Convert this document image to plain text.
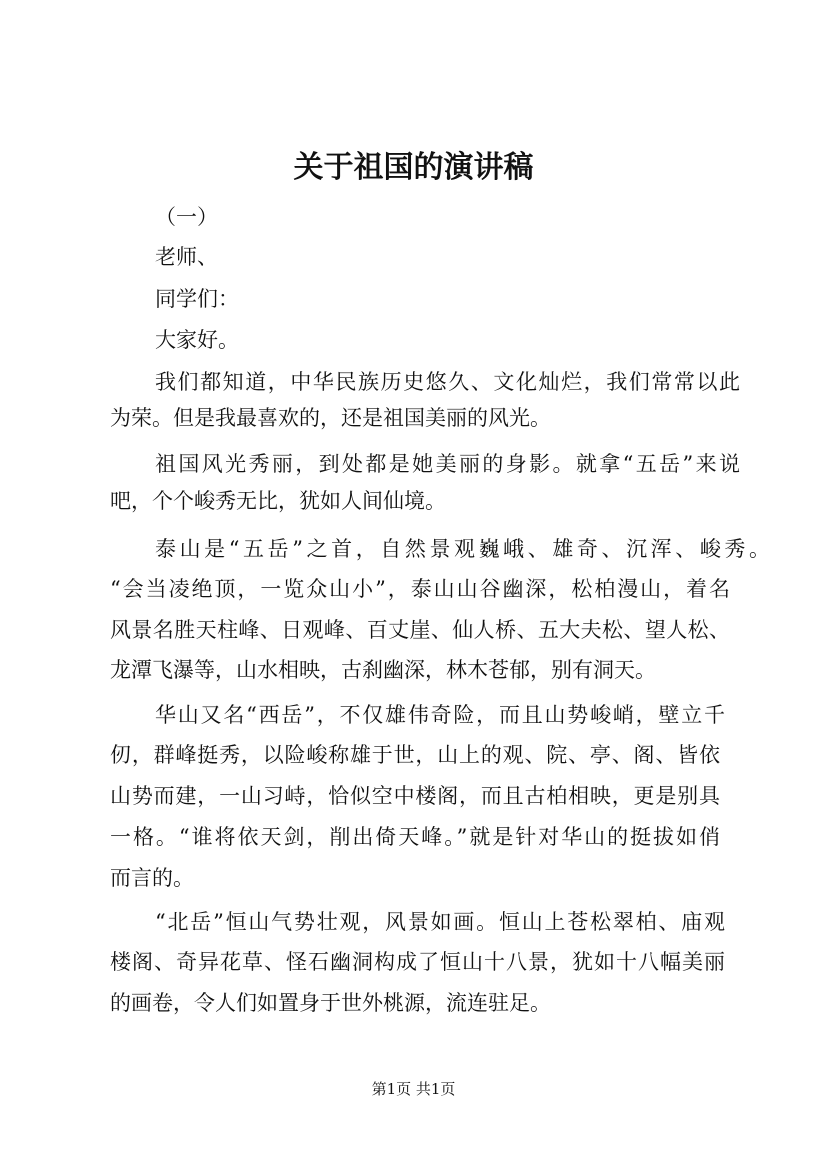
关于祖国的演讲稿
（一）
老师、
同学们：
大家好。
我们都知道，中华民族历史悠久、文化灿烂，我们常常以此
为荣。但是我最喜欢的，还是祖国美丽的风光。
祖国风光秀丽，到处都是她美丽的身影。就拿“五岳”来说
吧，个个峻秀无比，犹如人间仙境。
泰山是“五岳”之首，自然景观巍峨、雄奇、沉浑、峻秀。
“会当凌绝顶，一览众山小”，泰山山谷幽深，松柏漫山，着名
风景名胜天柱峰、日观峰、百丈崖、仙人桥、五大夫松、望人松、
龙潭飞瀑等，山水相映，古刹幽深，林木苍郁，别有洞天。
华山又名“西岳”，不仅雄伟奇险，而且山势峻峭，壁立千
仞，群峰挺秀，以险峻称雄于世，山上的观、院、亭、阁、皆依
山势而建，一山习峙，恰似空中楼阁，而且古柏相映，更是别具
一格。“谁将依天剑，削出倚天峰。”就是针对华山的挺拔如俏
而言的。
“北岳”恒山气势壮观，风景如画。恒山上苍松翠柏、庙观
楼阁、奇异花草、怪石幽洞构成了恒山十八景，犹如十八幅美丽
的画卷，令人们如置身于世外桃源，流连驻足。
第1页 共1页
